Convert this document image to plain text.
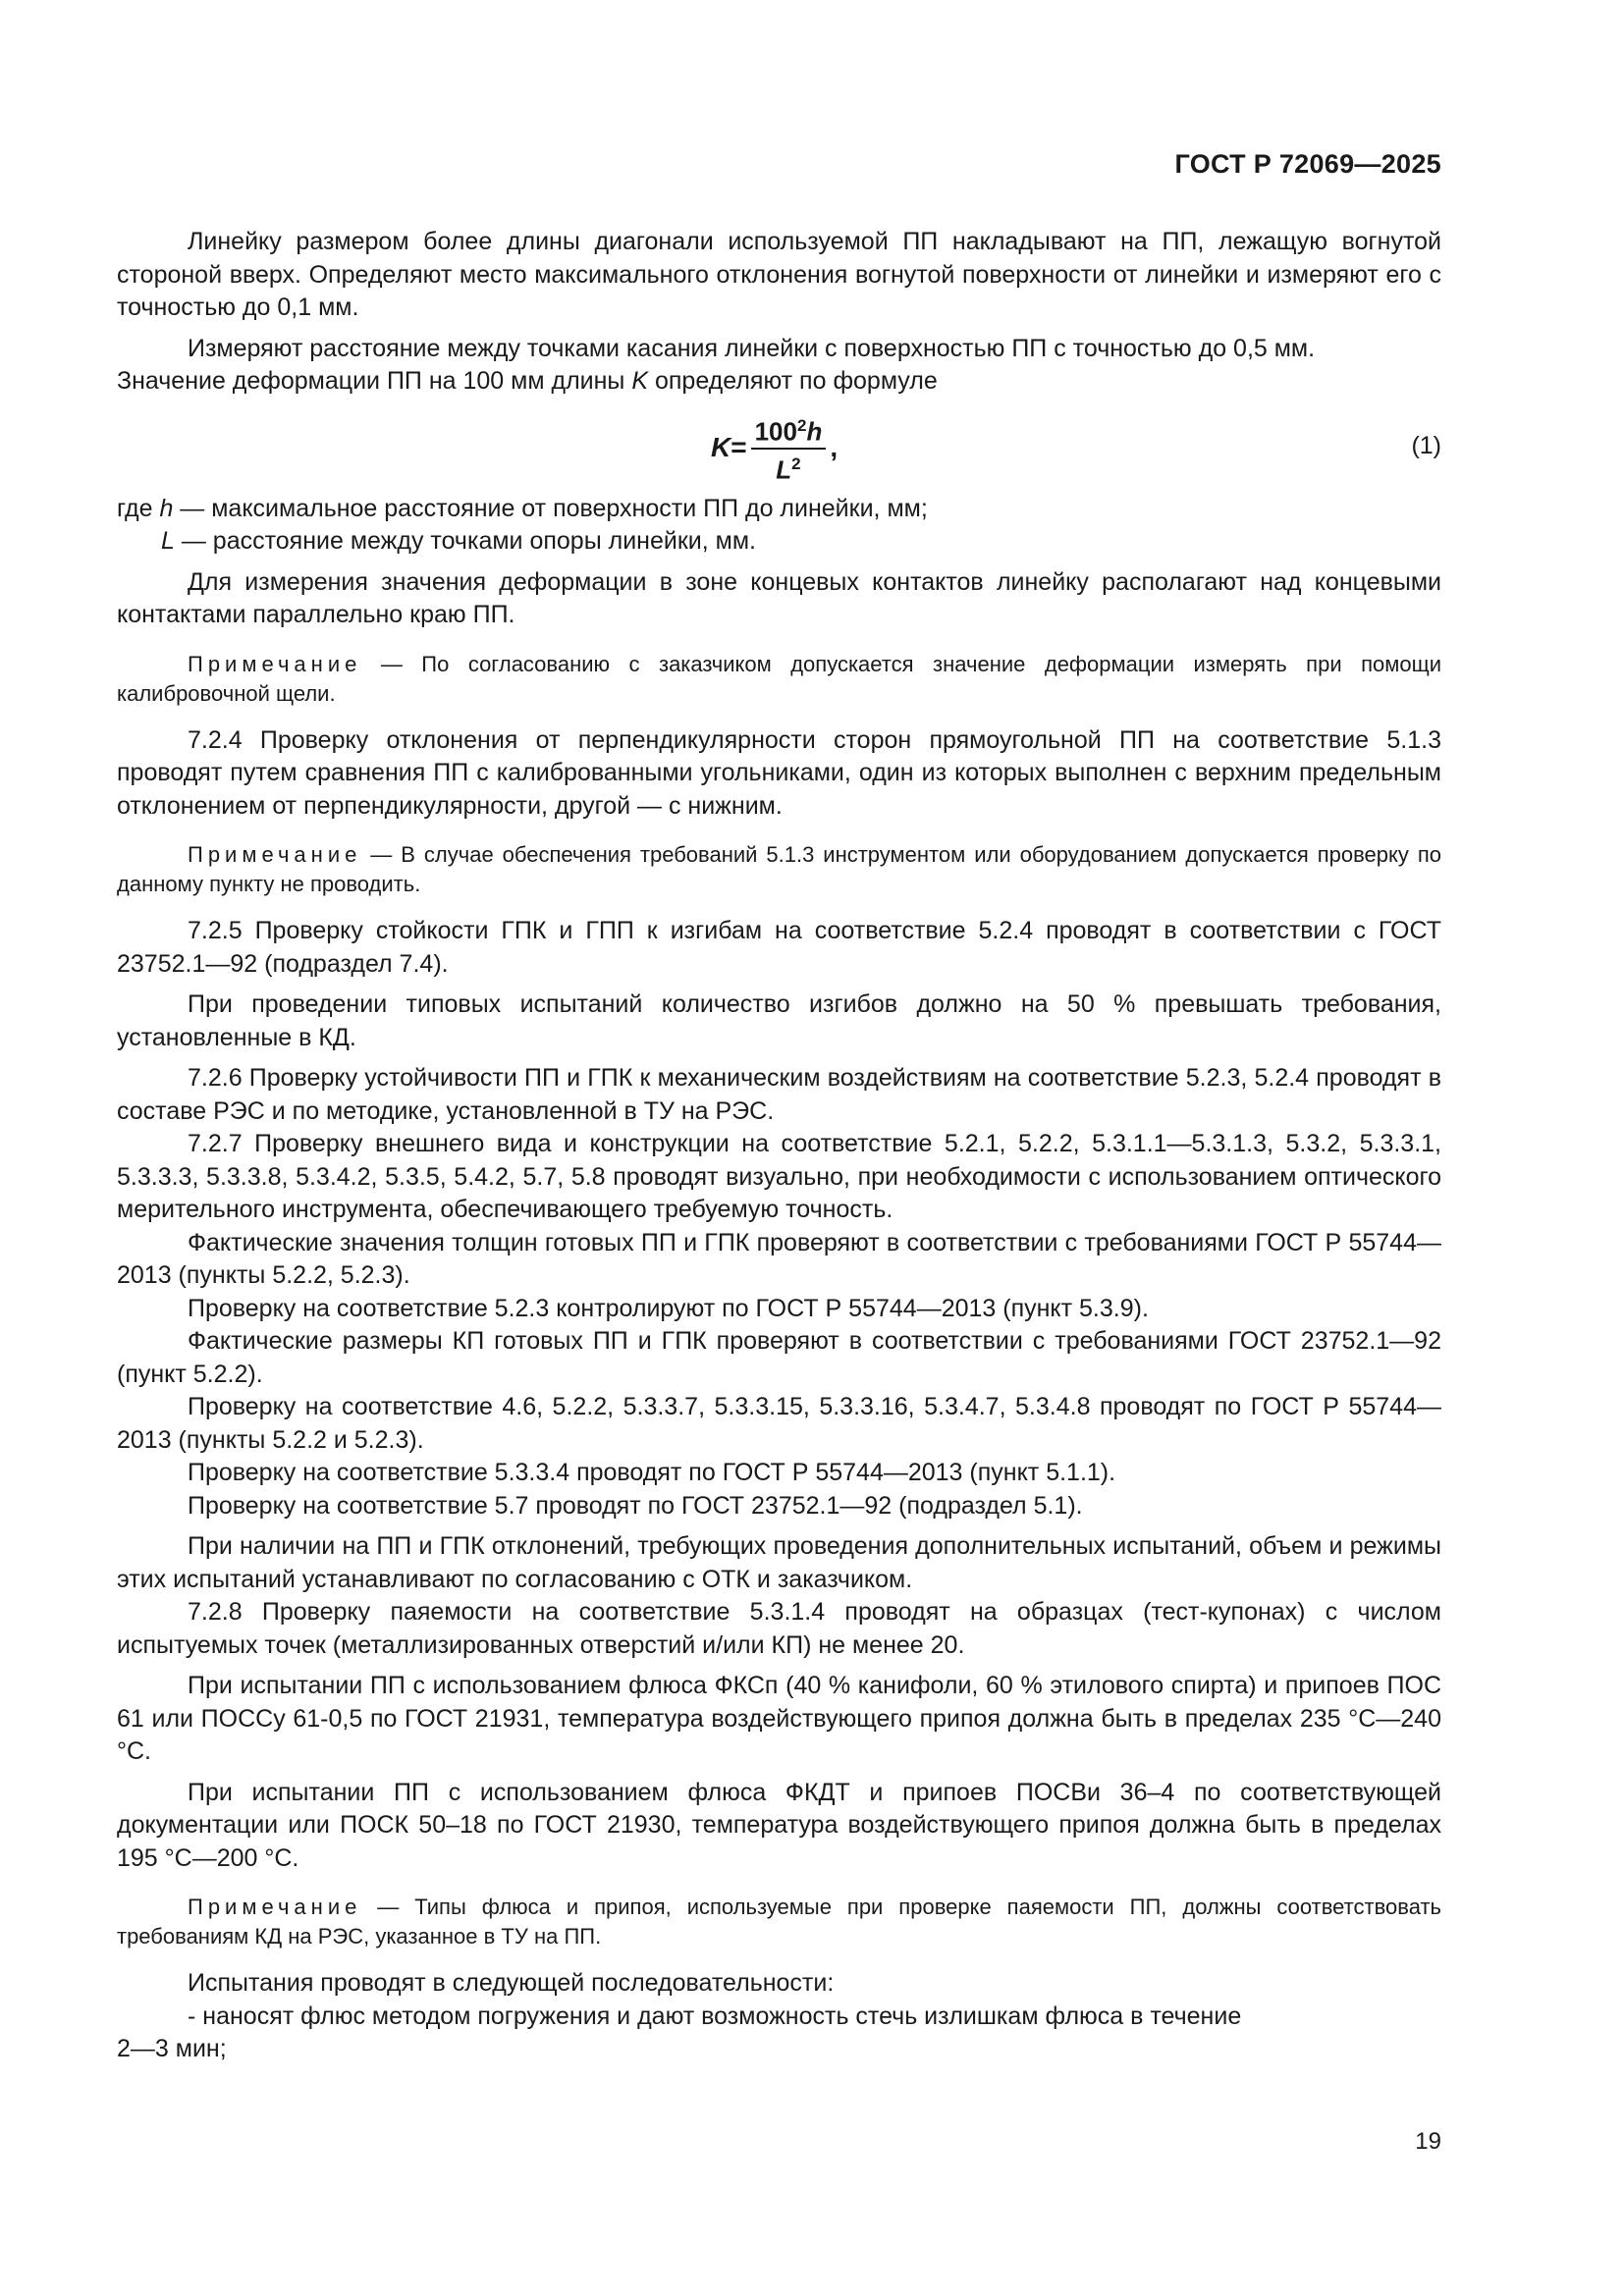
ГОСТ Р 72069—2025

Линейку размером более длины диагонали используемой ПП накладывают на ПП, лежащую вогнутой стороной вверх. Определяют место максимального отклонения вогнутой поверхности от линейки и измеряют его с точностью до 0,1 мм.

Измеряют расстояние между точками касания линейки с поверхностью ПП с точностью до 0,5 мм.

Значение деформации ПП на 100 мм длины K определяют по формуле

$K = \frac{100^2h}{L^2}$ ,	(1)

где h — максимальное расстояние от поверхности ПП до линейки, мм;

L — расстояние между точками опоры линейки, мм.

Для измерения значения деформации в зоне концевых контактов линейку располагают над концевыми контактами параллельно краю ПП.

Примечание — По согласованию с заказчиком допускается значение деформации измерять при помощи калибровочной щели.

7.2.4 Проверку отклонения от перпендикулярности сторон прямоугольной ПП на соответствие 5.1.3 проводят путем сравнения ПП с калиброванными угольниками, один из которых выполнен с верхним предельным отклонением от перпендикулярности, другой — с нижним.

Примечание — В случае обеспечения требований 5.1.3 инструментом или оборудованием допускается проверку по данному пункту не проводить.

7.2.5 Проверку стойкости ГПК и ГПП к изгибам на соответствие 5.2.4 проводят в соответствии с ГОСТ 23752.1—92 (подраздел 7.4).

При проведении типовых испытаний количество изгибов должно на 50 % превышать требования, установленные в КД.

7.2.6 Проверку устойчивости ПП и ГПК к механическим воздействиям на соответствие 5.2.3, 5.2.4 проводят в составе РЭС и по методике, установленной в ТУ на РЭС.

7.2.7 Проверку внешнего вида и конструкции на соответствие 5.2.1, 5.2.2, 5.3.1.1—5.3.1.3, 5.3.2, 5.3.3.1, 5.3.3.3, 5.3.3.8, 5.3.4.2, 5.3.5, 5.4.2, 5.7, 5.8 проводят визуально, при необходимости с использованием оптического мерительного инструмента, обеспечивающего требуемую точность.

Фактические значения толщин готовых ПП и ГПК проверяют в соответствии с требованиями ГОСТ Р 55744—2013 (пункты 5.2.2, 5.2.3).

Проверку на соответствие 5.2.3 контролируют по ГОСТ Р 55744—2013 (пункт 5.3.9).

Фактические размеры КП готовых ПП и ГПК проверяют в соответствии с требованиями ГОСТ 23752.1—92 (пункт 5.2.2).

Проверку на соответствие 4.6, 5.2.2, 5.3.3.7, 5.3.3.15, 5.3.3.16, 5.3.4.7, 5.3.4.8 проводят по ГОСТ Р 55744—2013 (пункты 5.2.2 и 5.2.3).

Проверку на соответствие 5.3.3.4 проводят по ГОСТ Р 55744—2013 (пункт 5.1.1).

Проверку на соответствие 5.7 проводят по ГОСТ 23752.1—92 (подраздел 5.1).

При наличии на ПП и ГПК отклонений, требующих проведения дополнительных испытаний, объем и режимы этих испытаний устанавливают по согласованию с ОТК и заказчиком.

7.2.8 Проверку паяемости на соответствие 5.3.1.4 проводят на образцах (тест-купонах) с числом испытуемых точек (металлизированных отверстий и/или КП) не менее 20.

При испытании ПП с использованием флюса ФКСп (40 % канифоли, 60 % этилового спирта) и припоев ПОС 61 или ПОССу 61-0,5 по ГОСТ 21931, температура воздействующего припоя должна быть в пределах 235 °С—240 °С.

При испытании ПП с использованием флюса ФКДТ и припоев ПОСВи 36–4 по соответствующей документации или ПОСК 50–18 по ГОСТ 21930, температура воздействующего припоя должна быть в пределах 195 °С—200 °С.

Примечание — Типы флюса и припоя, используемые при проверке паяемости ПП, должны соответствовать требованиям КД на РЭС, указанное в ТУ на ПП.

Испытания проводят в следующей последовательности:

- наносят флюс методом погружения и дают возможность стечь излишкам флюса в течение

2—3 мин;

19
